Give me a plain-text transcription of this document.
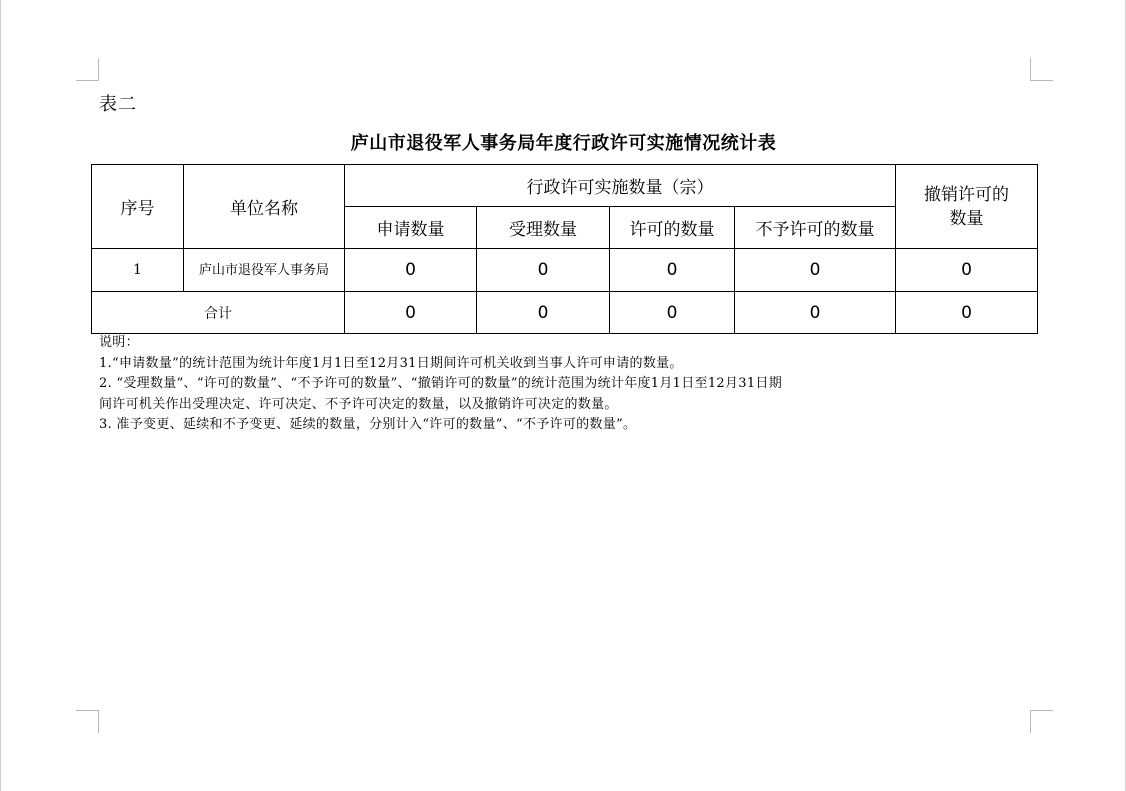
表二
庐山市退役军人事务局年度行政许可实施情况统计表
序号	单位名称	行政许可实施数量（宗）				撤销许可的数量
		申请数量	受理数量	许可的数量	不予许可的数量	
1	庐山市退役军人事务局	0	0	0	0	0
合计		0	0	0	0	0
说明：
1.“申请数量”的统计范围为统计年度1月1日至12月31日期间许可机关收到当事人许可申请的数量。
2. “受理数量”、“许可的数量”、“不予许可的数量”、“撤销许可的数量”的统计范围为统计年度1月1日至12月31日期
间许可机关作出受理决定、许可决定、不予许可决定的数量，以及撤销许可决定的数量。
3. 准予变更、延续和不予变更、延续的数量，分别计入“许可的数量”、“不予许可的数量”。
